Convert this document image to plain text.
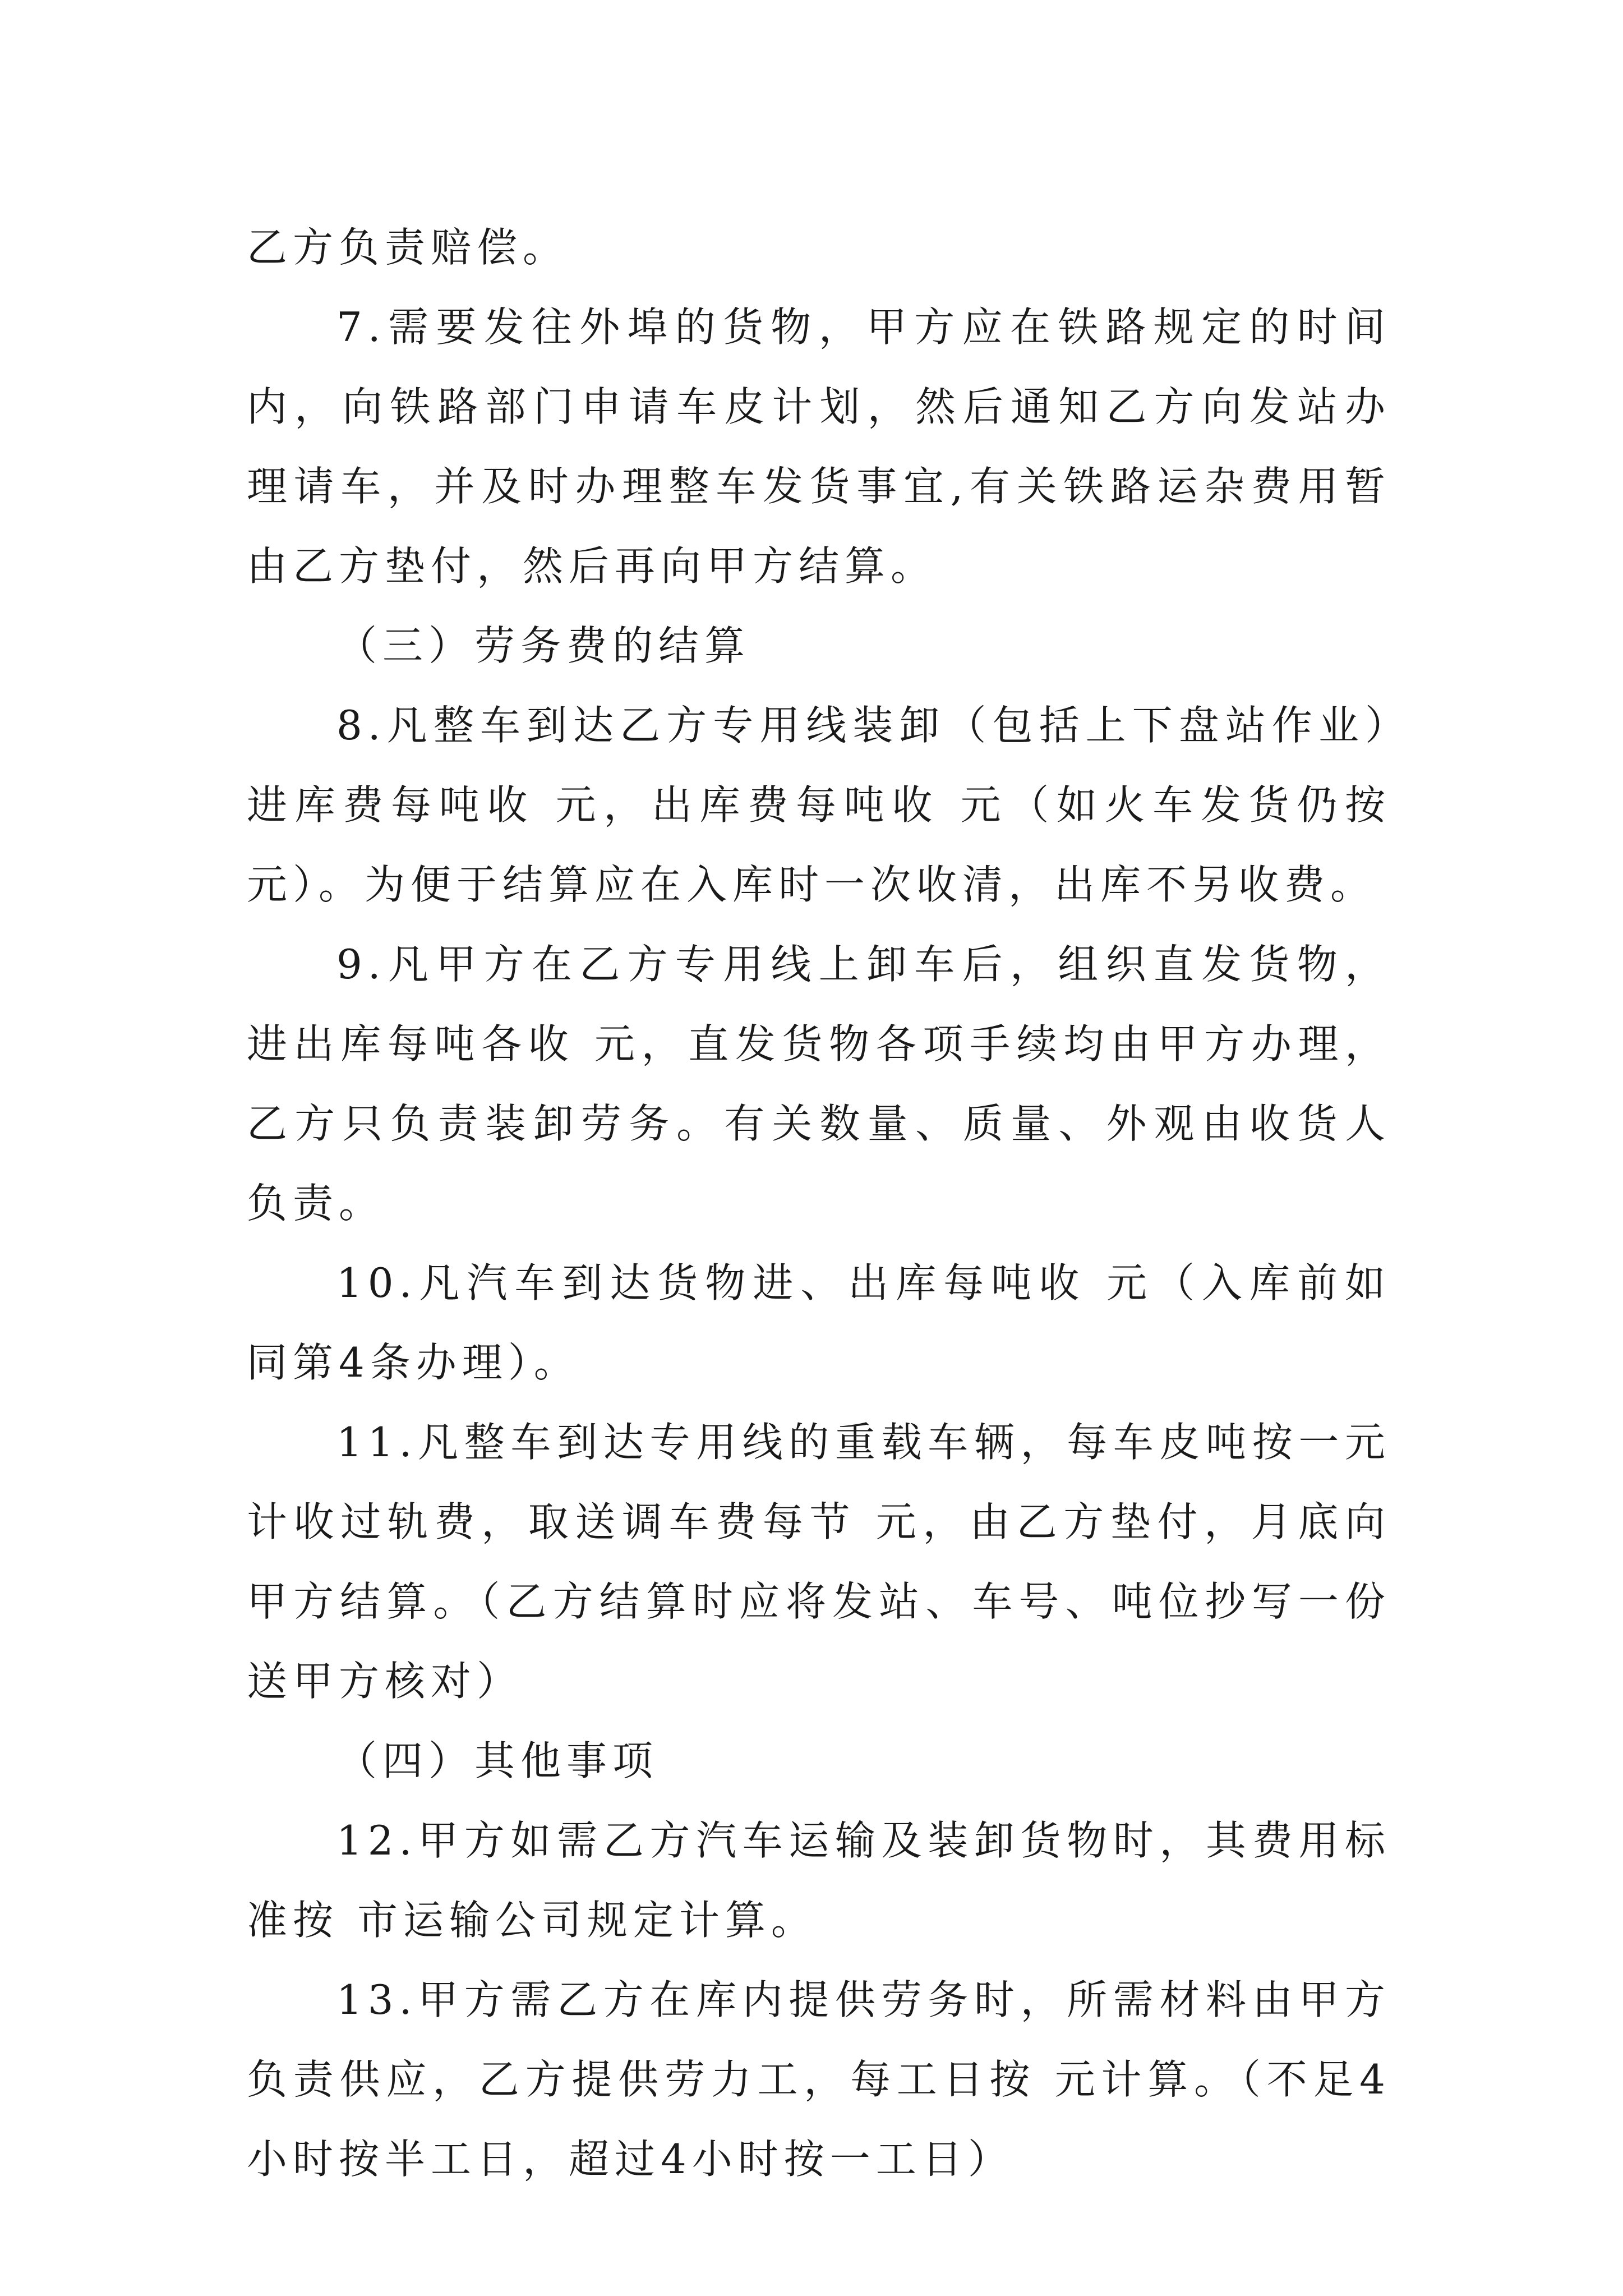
乙方负责赔偿。

7.需要发往外埠的货物，甲方应在铁路规定的时间内，向铁路部门申请车皮计划，然后通知乙方向发站办理请车，并及时办理整车发货事宜,有关铁路运杂费用暂由乙方垫付，然后再向甲方结算。

（三）劳务费的结算

8.凡整车到达乙方专用线装卸（包括上下盘站作业）进库费每吨收 元，出库费每吨收 元（如火车发货仍按 元）。为便于结算应在入库时一次收清，出库不另收费。

9.凡甲方在乙方专用线上卸车后，组织直发货物，进出库每吨各收 元，直发货物各项手续均由甲方办理，乙方只负责装卸劳务。有关数量、质量、外观由收货人负责。

10.凡汽车到达货物进、出库每吨收 元（入库前如同第4条办理）。

11.凡整车到达专用线的重载车辆，每车皮吨按一元计收过轨费，取送调车费每节 元，由乙方垫付，月底向甲方结算。（乙方结算时应将发站、车号、吨位抄写一份送甲方核对）

（四）其他事项

12.甲方如需乙方汽车运输及装卸货物时，其费用标准按 市运输公司规定计算。

13.甲方需乙方在库内提供劳务时，所需材料由甲方负责供应，乙方提供劳力工，每工日按 元计算。（不足4小时按半工日，超过4小时按一工日）
